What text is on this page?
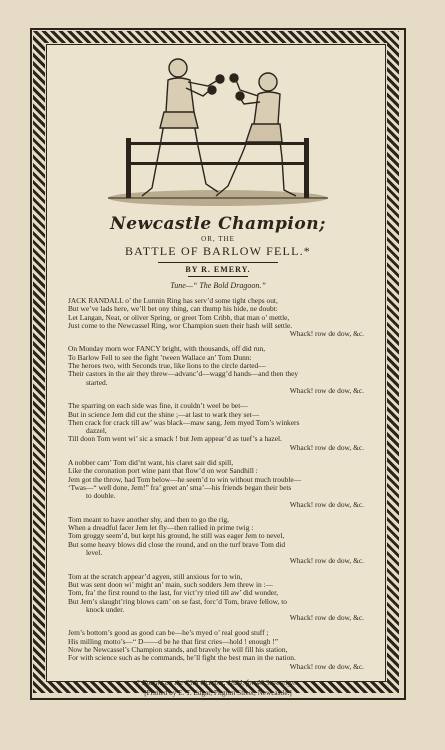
Newcastle Champion;
OR, THE
BATTLE OF BARLOW FELL.*
BY R. EMERY.
Tune—“ The Bold Dragoon.”
JACK RANDALL o’ the Lunnin Ring has serv’d some tight cheps out,
But we’ve lads here, we’ll bet ony thing, can thump his hide, ne doubt:
Let Langan, Neat, or oliver Spring, or greet Tom Cribb, that man o’ mettle,
Just come to the Newcassel Ring, wor Champion suen their hash will settle.
Whack! row de dow, &c.
On Monday morn wor FANCY bright, with thousands, off did run,
To Barlow Fell to see the fight ’tween Wallace an’ Tom Dunn:
The heroes two, with Seconds true, like lions to the circle darted—
Their castors in the air they threw—advanc’d—wagg’d hands—and then they
started.
Whack! row de dow, &c.
The sparring on each side was fine, it couldn’t weel be bet—
But in science Jem did cut the shine ;—at last to wark they set—
Then crack for crack till aw’ was black—maw sang, Jem myed Tom’s winkers
dazzel,
Till doon Tom went wi’ sic a smack ! but Jem appear’d as tuef’s a hazel.
Whack! row de dow, &c.
A nobber cam’ Tom did’nt want, his claret sair did spill,
Like the coronation port wine pant that flow’d on wor Sandhill :
Jem got the throw, had Tom below—he seem’d to win without much trouble—
‘Twas—“ well done, Jem!” fra’ greet an’ sma’—his friends began their bets
to double.
Whack! row de dow, &c.
Tom meant to have another shy, and then to go the rig,
When a dreadful facer Jem let fly—then rallied in prime twig :
Tom groggy seem’d, but kept his ground, he still was eager Jem to nevel,
But some heavy blows did close the round, and on the turf brave Tom did
level.
Whack! row de dow, &c.
Tom at the scratch appear’d agyen, still anxious for to win,
But was sent doon wi’ might an’ main, such sodders Jem threw in :—
Tom, fra’ the first round to the last, for vict’ry tried till aw’ did wonder,
But Jem’s slaught’ring blows cam’ on se fast, forc’d Tom, brave fellow, to
knock under.
Whack! row de dow, &c.
Jem’s bottom’s good as good can be—he’s myed o’ real good stuff ;
His milling motto’s—“ D——d be he that first cries—hold ! enough !”
Now he Newcassel’s Champion stands, and bravely he will fill his station,
For with science such as he commands, he’ll fight the best man in the nation.
Whack! row de dow, &c.
* Fought on the 25th October, 1824, for 40 Sovereigns.
[Printed by E. T. Edgar, Pilgrim Street, Newcastle.]
